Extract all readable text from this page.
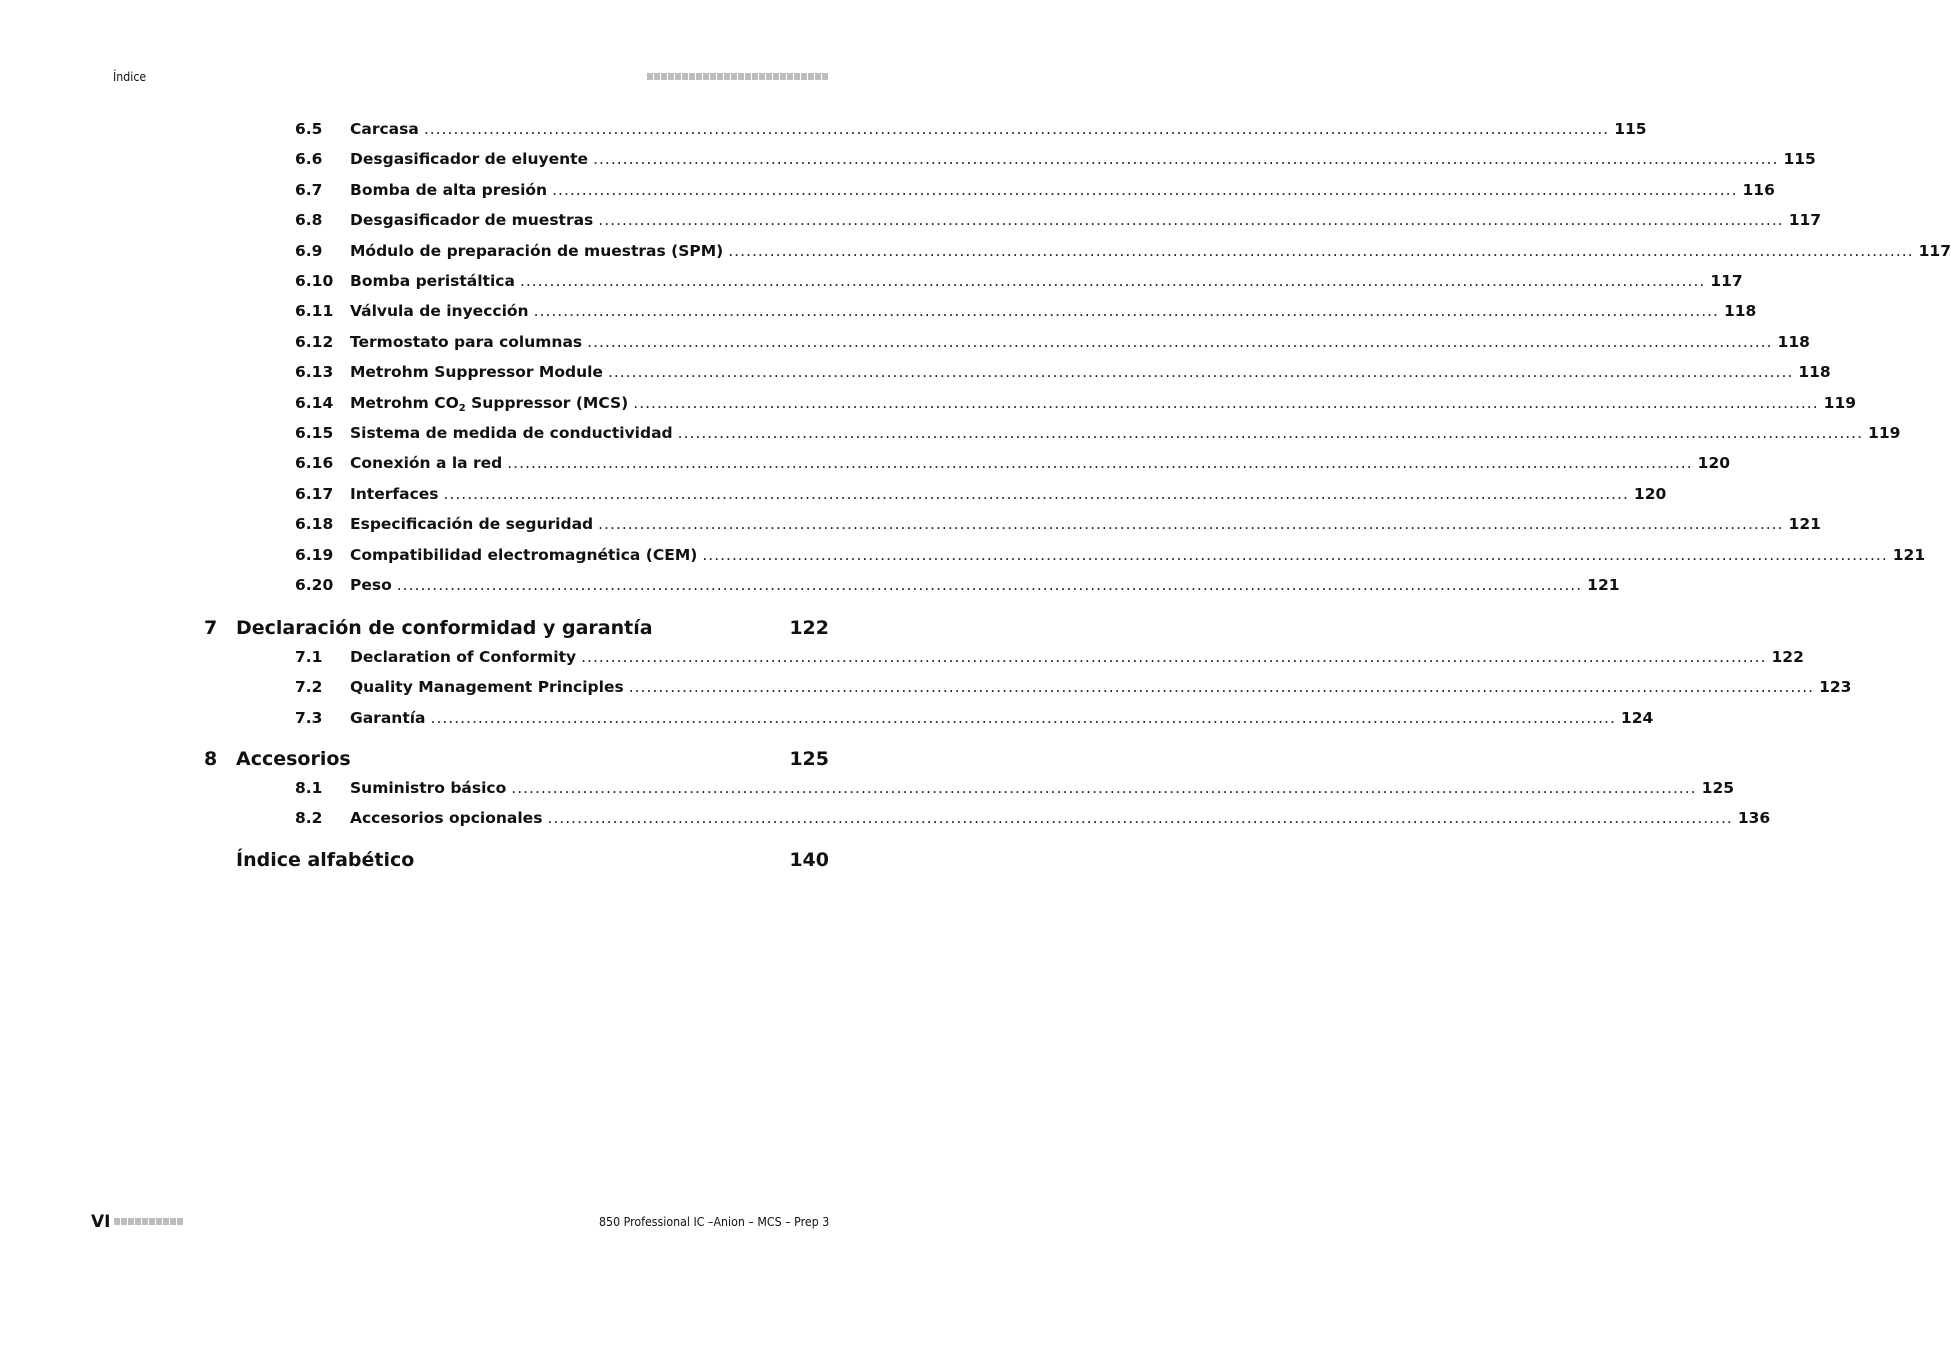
Índice
6.5	Carcasa ........................................................................................................................................................................................................ 115
6.6	Desgasificador de eluyente ........................................................................................................................................................................................................ 115
6.7	Bomba de alta presión ........................................................................................................................................................................................................ 116
6.8	Desgasificador de muestras ........................................................................................................................................................................................................ 117
6.9	Módulo de preparación de muestras (SPM) ........................................................................................................................................................................................................ 117
6.10	Bomba peristáltica ........................................................................................................................................................................................................ 117
6.11	Válvula de inyección ........................................................................................................................................................................................................ 118
6.12	Termostato para columnas ........................................................................................................................................................................................................ 118
6.13	Metrohm Suppressor Module ........................................................................................................................................................................................................ 118
6.14	Metrohm $CO_2$ Suppressor (MCS) ........................................................................................................................................................................................................ 119
6.15	Sistema de medida de conductividad ........................................................................................................................................................................................................ 119
6.16	Conexión a la red ........................................................................................................................................................................................................ 120
6.17	Interfaces ........................................................................................................................................................................................................ 120
6.18	Especificación de seguridad ........................................................................................................................................................................................................ 121
6.19	Compatibilidad electromagnética (CEM) ........................................................................................................................................................................................................ 121
6.20	Peso ........................................................................................................................................................................................................ 121
7 Declaración de conformidad y garantía	122
7.1	Declaration of Conformity ........................................................................................................................................................................................................ 122
7.2	Quality Management Principles ........................................................................................................................................................................................................ 123
7.3	Garantía ........................................................................................................................................................................................................ 124
8 Accesorios	125
8.1	Suministro básico ........................................................................................................................................................................................................ 125
8.2	Accesorios opcionales ........................................................................................................................................................................................................ 136
Índice alfabético	140
VI	850 Professional IC –Anion – MCS – Prep 3
